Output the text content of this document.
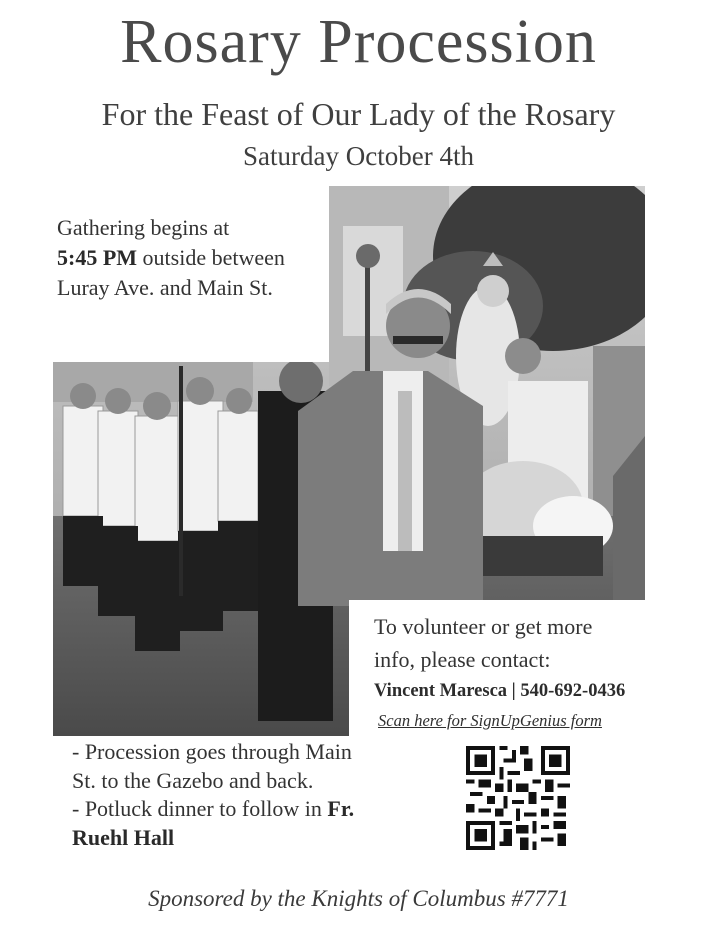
Rosary Procession
For the Feast of Our Lady of the Rosary
Saturday October 4th
Gathering begins at
5:45 PM outside between Luray Ave. and Main St.
To volunteer or get more
info, please contact:
Vincent Maresca | 540-692-0436
Scan here for SignUpGenius form
- Procession goes through Main St. to the Gazebo and back.
- Potluck dinner to follow in Fr. Ruehl Hall
Sponsored by the Knights of Columbus #7771
